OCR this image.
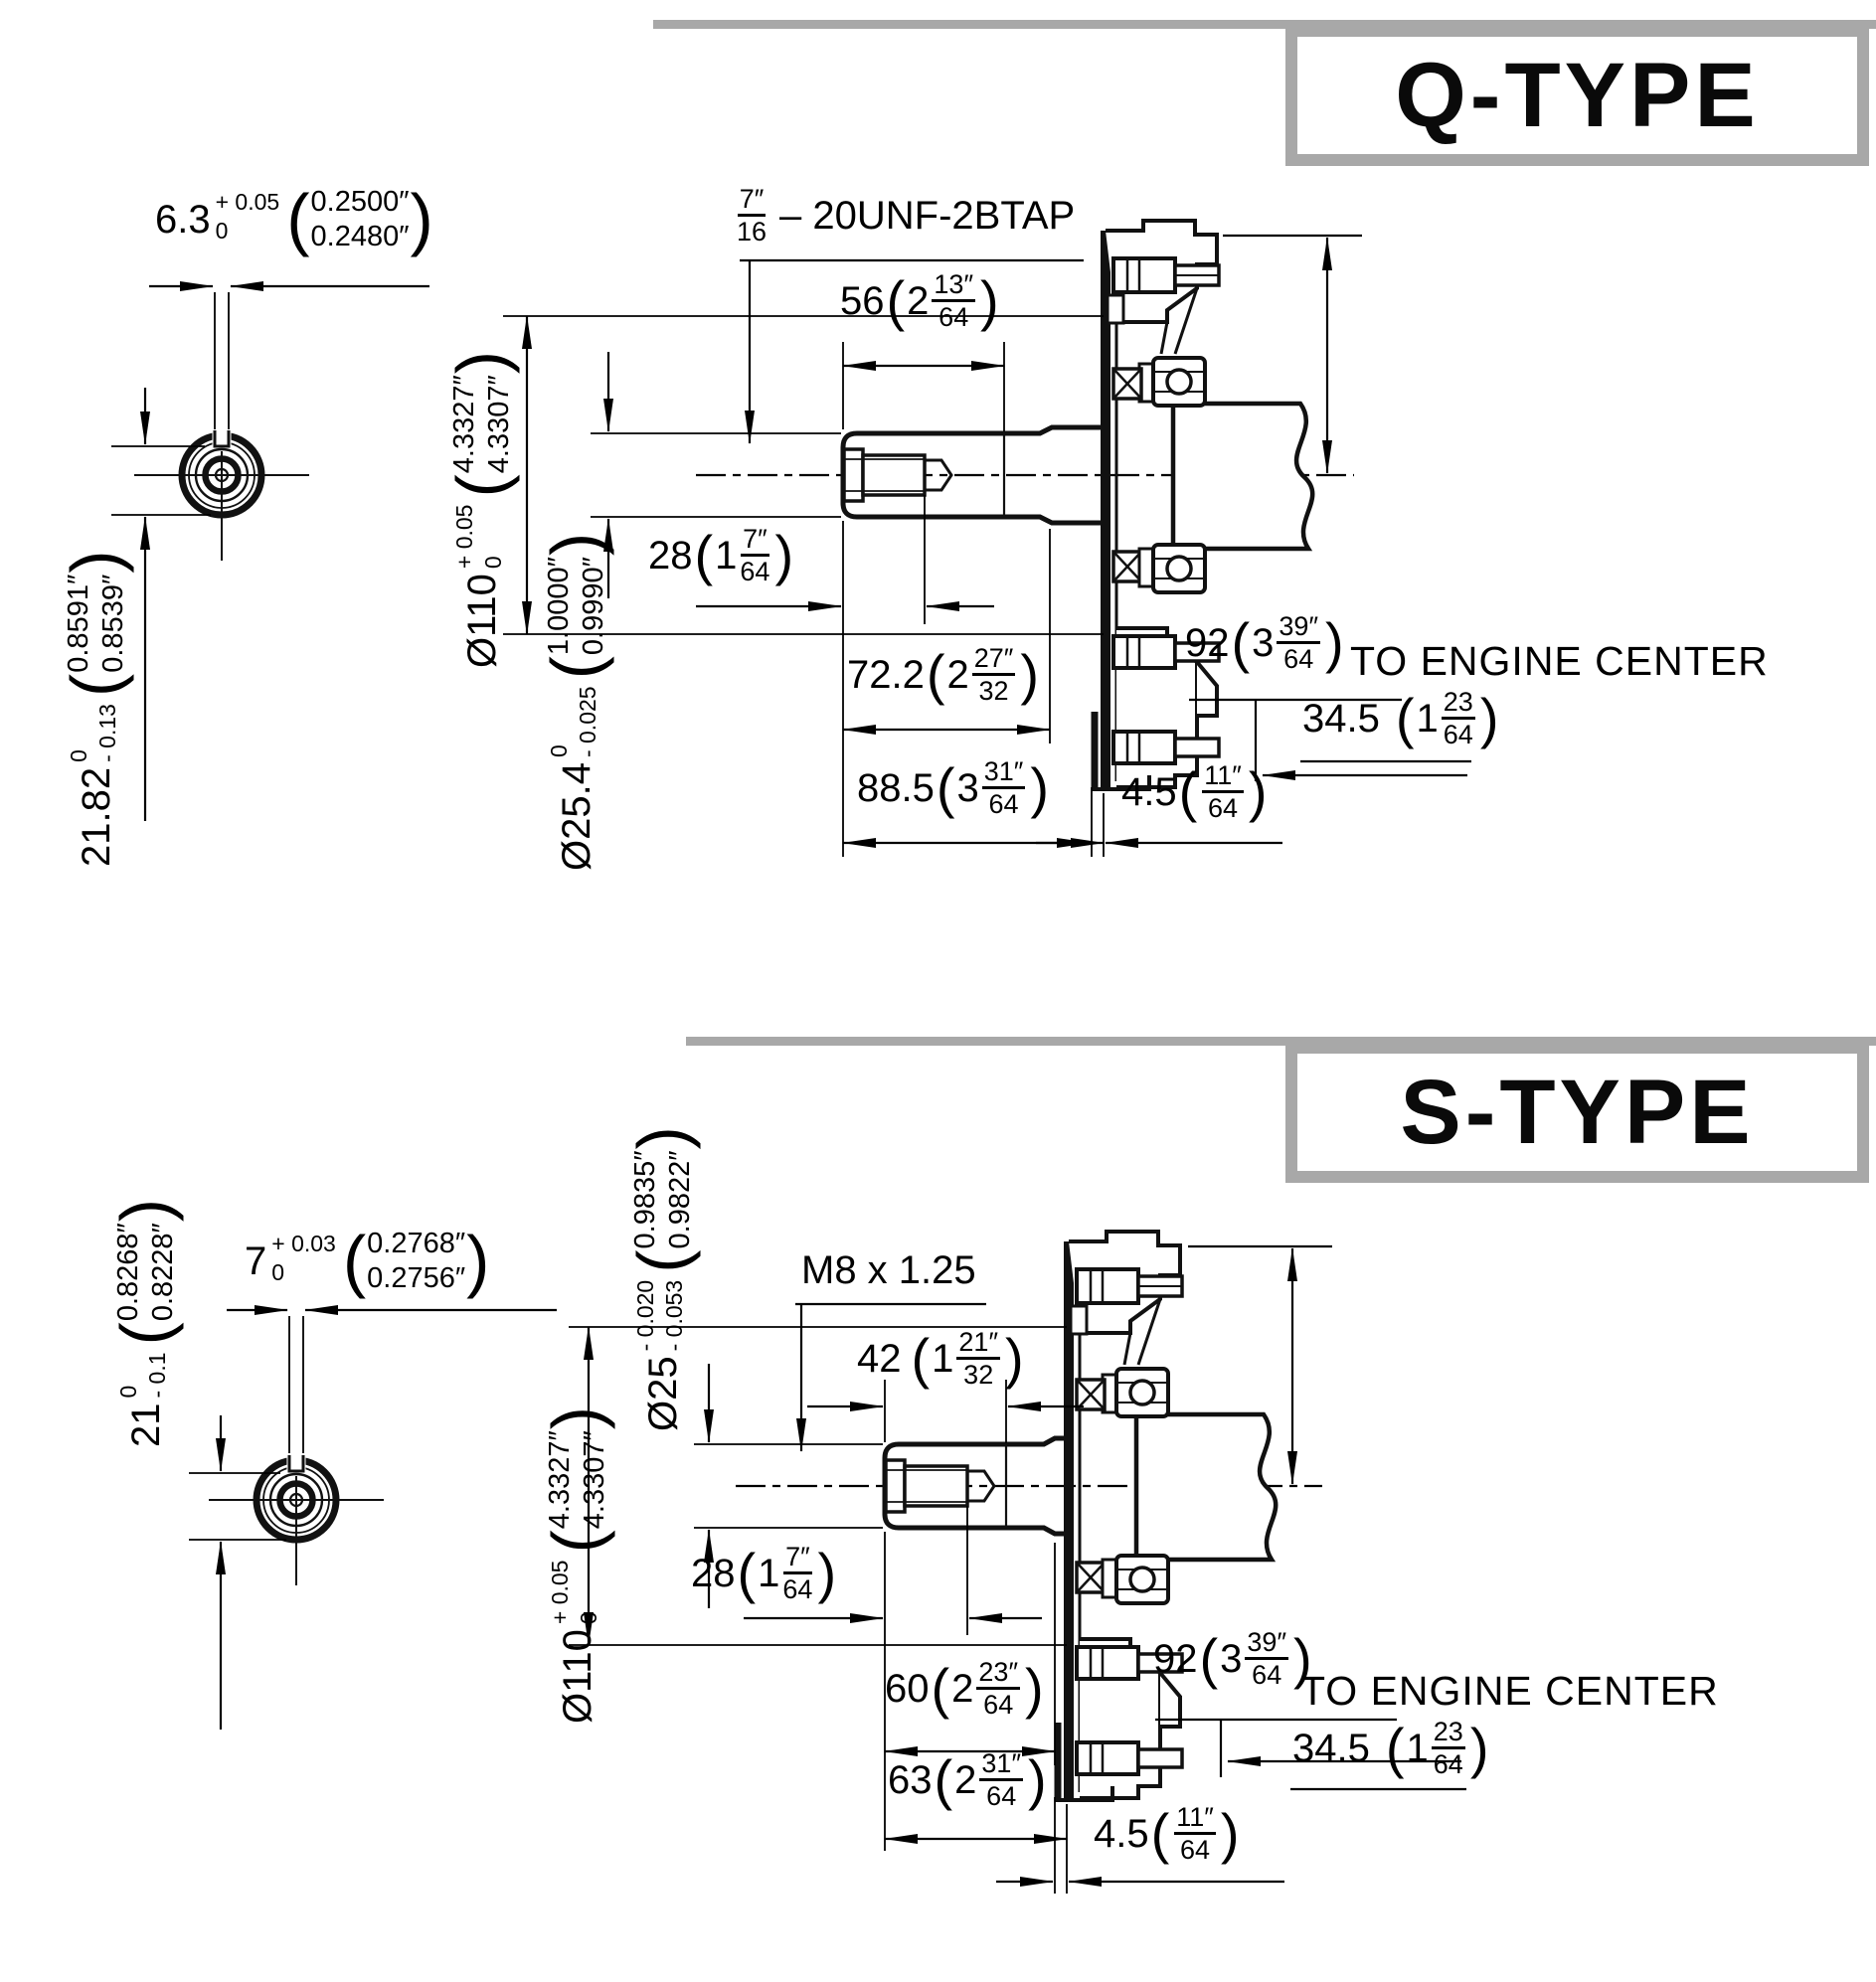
Q-TYPE
S-TYPE
6.3 + 0.05
0 ( 0.2500″
0.2480″ )
21.82
0 - 0.13
(
0.8591″ 0.8539″
)
$\frac{7''}{16}$ – 20UNF-2BTAP
56 ( $2 \frac{13''}{64}$ )
Ø110
+ 0.05 0
(
4.3327″ 4.3307″
)
Ø25.4
0 - 0.025
(
1.0000″ 0.9990″
) 28 ( $1 \frac{7''}{64}$ )
72.2 ( $2 \frac{27''}{32}$ )
88.5 ( $3 \frac{31''}{64}$ )
92 ( $3 \frac{39''}{64}$ ) TO ENGINE CENTER
34.5 ( $1 \frac{23}{64}$ )
4.5 ( $\frac{11''}{64}$ )
7 + 0.03
0 ( 0.2768″
0.2756″ )
21
0 - 0.1
(
0.8268″ 0.8228″
)
M8 x 1.25
42 ( $1 \frac{21''}{32}$ )
Ø110
+ 0.05 0
(
4.3327″ 4.3307″
) Ø25
- 0.020 - 0.053
(
0.9835″ 0.9822″
)
28 ( $1 \frac{7''}{64}$ )
60 ( $2 \frac{23''}{64}$ )
63 ( $2 \frac{31''}{64}$ )
92 ( $3 \frac{39''}{64}$ )
TO ENGINE CENTER
34.5 ( $1 \frac{23}{64}$ )
4.5 ( $\frac{11''}{64}$ )
